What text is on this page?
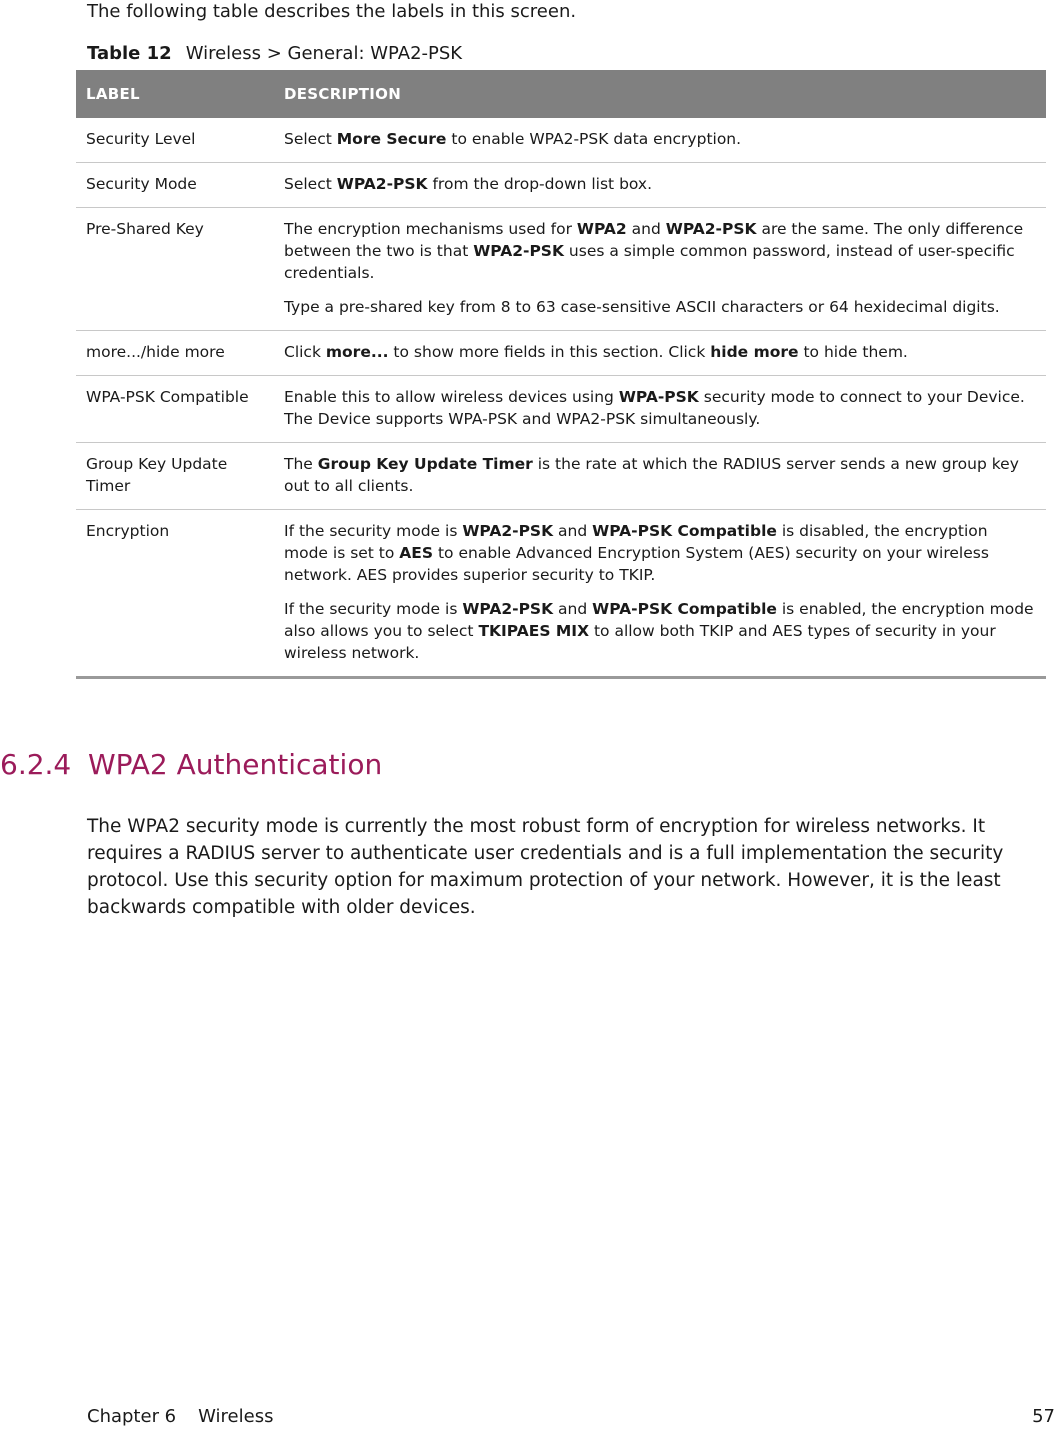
The following table describes the labels in this screen.

Table 12 Wireless > General: WPA2-PSK

LABEL	DESCRIPTION
Security Level	Select More Secure to enable WPA2-PSK data encryption.

Security Mode	Select WPA2-PSK from the drop-down list box.

Pre-Shared Key	The encryption mechanisms used for WPA2 and WPA2-PSK are the same. The only difference between the two is that WPA2-PSK uses a simple common password, instead of user-specific credentials.

Type a pre-shared key from 8 to 63 case-sensitive ASCII characters or 64 hexidecimal digits.

more.../hide more	Click more... to show more fields in this section. Click hide more to hide them.

WPA-PSK Compatible	Enable this to allow wireless devices using WPA-PSK security mode to connect to your Device. The Device supports WPA-PSK and WPA2-PSK simultaneously.

Group Key Update Timer	The Group Key Update Timer is the rate at which the RADIUS server sends a new group key out to all clients.

Encryption	If the security mode is WPA2-PSK and WPA-PSK Compatible is disabled, the encryption mode is set to AES to enable Advanced Encryption System (AES) security on your wireless network. AES provides superior security to TKIP.

If the security mode is WPA2-PSK and WPA-PSK Compatible is enabled, the encryption mode also allows you to select TKIPAES MIX to allow both TKIP and AES types of security in your wireless network.

6.2.4 WPA2 Authentication

The WPA2 security mode is currently the most robust form of encryption for wireless networks. It requires a RADIUS server to authenticate user credentials and is a full implementation the security protocol. Use this security option for maximum protection of your network. However, it is the least backwards compatible with older devices.

Chapter 6 Wireless	57
